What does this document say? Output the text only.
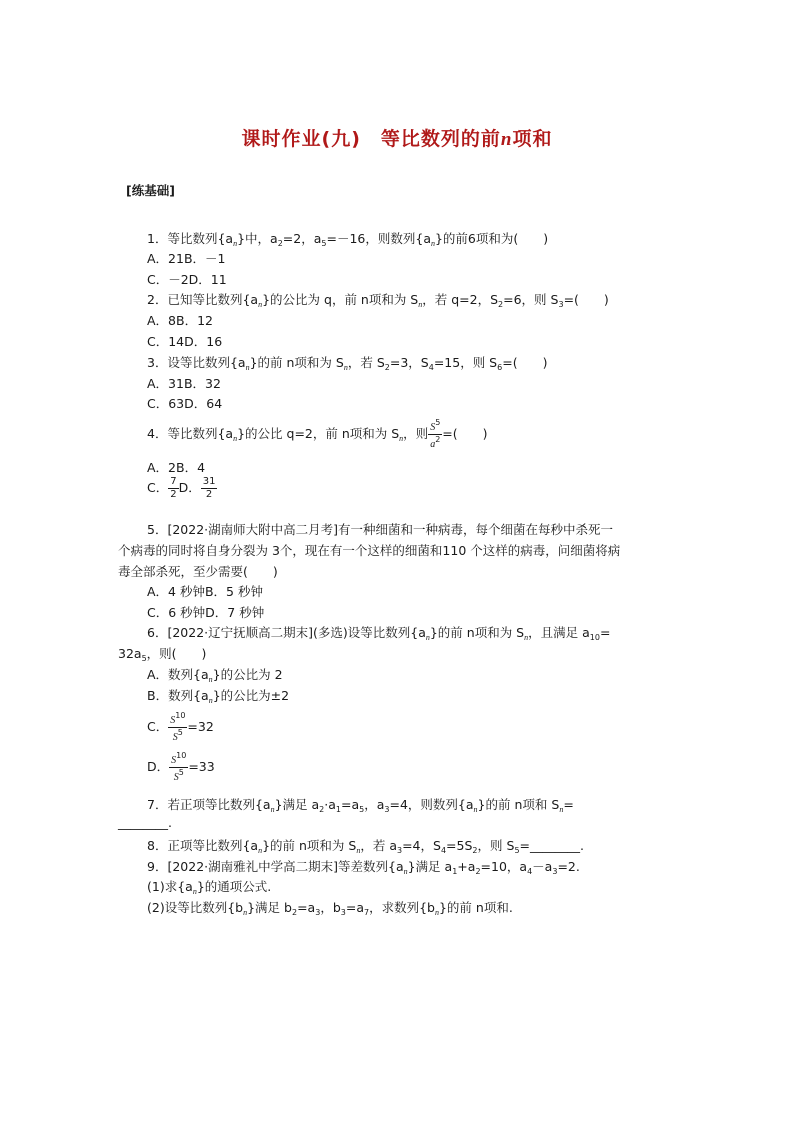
课时作业(九)　等比数列的前n项和
[练基础]
1．等比数列$\{a_n\}$中，$a_2=2$，$a_5=-16$，则数列$\{a_n\}$的前6项和为(　　)
A．21B．－1
C．－2D．11
2．已知等比数列$\{a_n\}$的公比为 q，前 n项和为 $S_n$，若 q=2，$S_2=6$，则 $S_3=$(　　)
A．8B．12
C．14D．16
3．设等比数列$\{a_n\}$的前 n项和为 $S_n$，若 $S_2=3$，$S_4=15$，则 $S_6=$(　　)
A．31B．32
C．63D．64
4．等比数列$\{a_n\}$的公比 q=2，前 n项和为 $S_n$，则 $\frac{S^5}{a^2}$ =(　　)
A．2B．4
C． $\frac{7}{2}$ D． $\frac{31}{2}$
5．[2022·湖南师大附中高二月考]有一种细菌和一种病毒，每个细菌在每秒中杀死一
个病毒的同时将自身分裂为 3个，现在有一个这样的细菌和110 个这样的病毒，问细菌将病
毒全部杀死，至少需要(　　)
A．4 秒钟B．5 秒钟
C．6 秒钟D．7 秒钟
6．[2022·辽宁抚顺高二期末](多选)设等比数列$\{a_n\}$的前 n项和为 $S_n$，且满足 $a_{10}=$
$32a_5$，则(　　)
A．数列$\{a_n\}$的公比为 2
B．数列$\{a_n\}$的公比为±2
C． $\frac{S^{10}}{S^5} =32$
D． $\frac{S^{10}}{S^5} =33$
7．若正项等比数列$\{a_n\}$满足 $a_2\cdot a_1=a_5$，$a_3=4$，则数列$\{a_n\}$的前 n项和 $S_n=$
________.
8．正项等比数列$\{a_n\}$的前 n项和为 $S_n$，若 $a_3=4$，$S_4=5S_2$，则 $S_5=\_\_\_\_\_\_\_\_$.
9．[2022·湖南雅礼中学高二期末]等差数列$\{a_n\}$满足 $a_1+a_2=10$，$a_4-a_3=2$.
(1)求$\{a_n\}$的通项公式.
(2)设等比数列$\{b_n\}$满足 $b_2=a_3$，$b_3=a_7$，求数列$\{b_n\}$的前 n项和.
